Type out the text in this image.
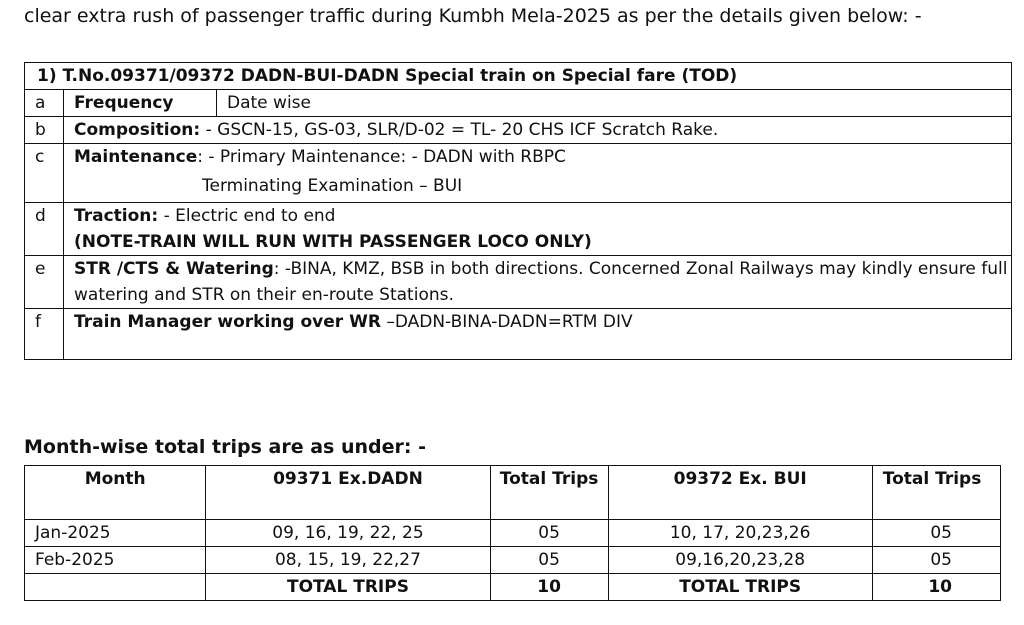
clear extra rush of passenger traffic during Kumbh Mela-2025 as per the details given below: -
1) T.No.09371/09372 DADN-BUI-DADN Special train on Special fare (TOD)		
a	Frequency	Date wise
b	Composition: - GSCN-15, GS-03, SLR/D-02 = TL- 20 CHS ICF Scratch Rake.	
c	Maintenance: - Primary Maintenance: - DADN with RBPC

Terminating Examination – BUI	

d	Traction: - Electric end to end
(NOTE-TRAIN WILL RUN WITH PASSENGER LOCO ONLY)	
e	STR /CTS & Watering: -BINA, KMZ, BSB in both directions. Concerned Zonal Railways may kindly ensure full watering and STR on their en-route Stations.	
f	Train Manager working over WR –DADN-BINA-DADN=RTM DIV	
Month-wise total trips are as under: -
Month	09371 Ex.DADN	Total Trips	09372 Ex. BUI	Total Trips
Jan-2025	09, 16, 19, 22, 25	05	10, 17, 20,23,26	05
Feb-2025	08, 15, 19, 22,27	05	09,16,20,23,28	05
	TOTAL TRIPS	10	TOTAL TRIPS	10
